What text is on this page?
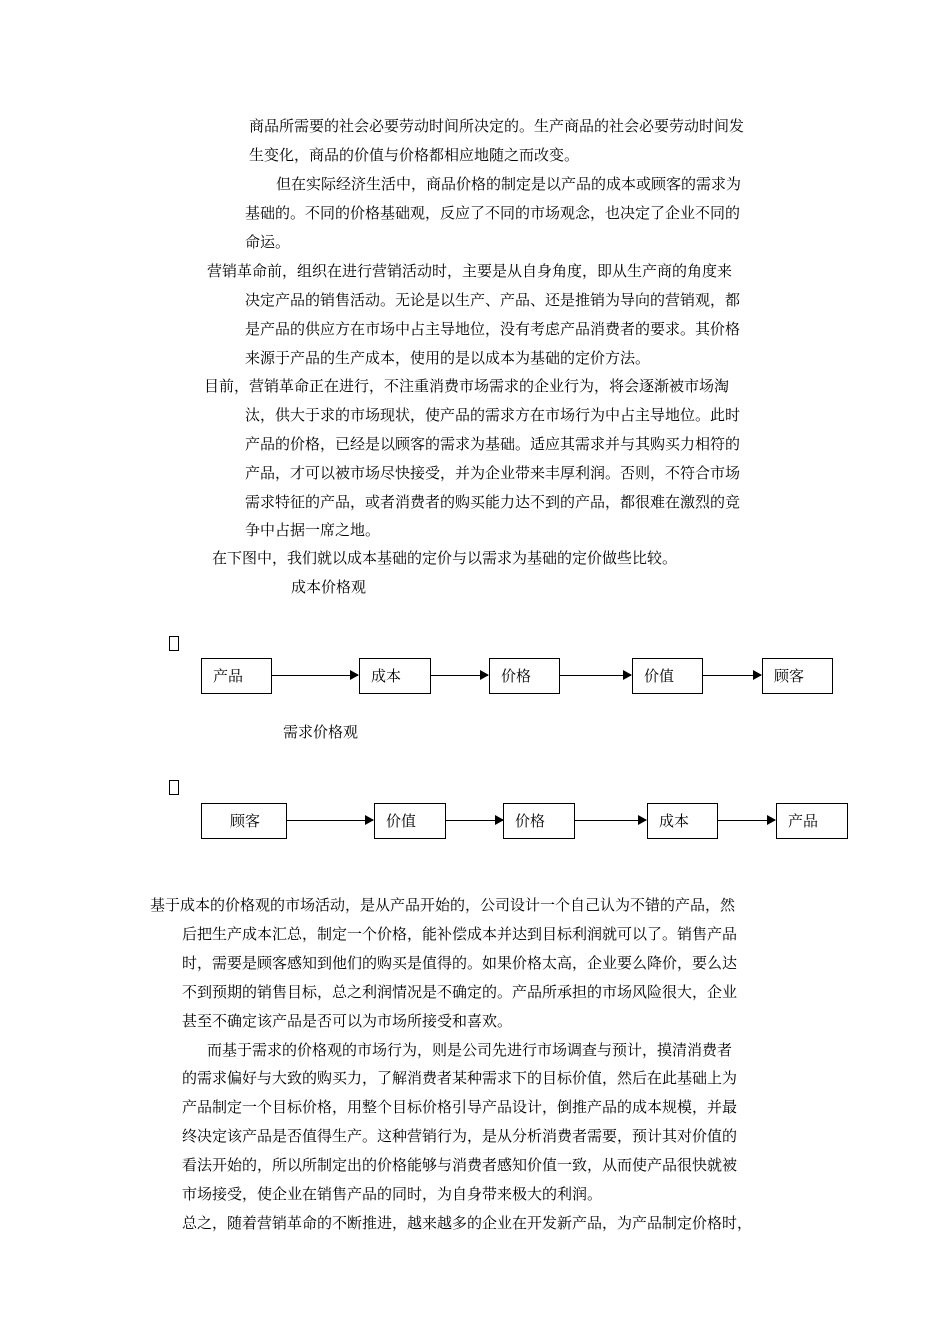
商品所需要的社会必要劳动时间所决定的。生产商品的社会必要劳动时间发
生变化，商品的价值与价格都相应地随之而改变。
但在实际经济生活中，商品价格的制定是以产品的成本或顾客的需求为
基础的。不同的价格基础观，反应了不同的市场观念，也决定了企业不同的
命运。
营销革命前，组织在进行营销活动时，主要是从自身角度，即从生产商的角度来
决定产品的销售活动。无论是以生产、产品、还是推销为导向的营销观，都
是产品的供应方在市场中占主导地位，没有考虑产品消费者的要求。其价格
来源于产品的生产成本，使用的是以成本为基础的定价方法。
目前，营销革命正在进行，不注重消费市场需求的企业行为，将会逐渐被市场淘
汰，供大于求的市场现状，使产品的需求方在市场行为中占主导地位。此时
产品的价格，已经是以顾客的需求为基础。适应其需求并与其购买力相符的
产品，才可以被市场尽快接受，并为企业带来丰厚利润。否则，不符合市场
需求特征的产品，或者消费者的购买能力达不到的产品，都很难在激烈的竞
争中占据一席之地。
在下图中，我们就以成本基础的定价与以需求为基础的定价做些比较。
成本价格观
产品	成本	价格	价值	顾客
需求价格观
顾客	价值	价格	成本	产品
基于成本的价格观的市场活动，是从产品开始的，公司设计一个自己认为不错的产品，然
后把生产成本汇总，制定一个价格，能补偿成本并达到目标利润就可以了。销售产品
时，需要是顾客感知到他们的购买是值得的。如果价格太高，企业要么降价，要么达
不到预期的销售目标，总之利润情况是不确定的。产品所承担的市场风险很大，企业
甚至不确定该产品是否可以为市场所接受和喜欢。
而基于需求的价格观的市场行为，则是公司先进行市场调查与预计，摸清消费者
的需求偏好与大致的购买力，了解消费者某种需求下的目标价值，然后在此基础上为
产品制定一个目标价格，用整个目标价格引导产品设计，倒推产品的成本规模，并最
终决定该产品是否值得生产。这种营销行为，是从分析消费者需要，预计其对价值的
看法开始的，所以所制定出的价格能够与消费者感知价值一致，从而使产品很快就被
市场接受，使企业在销售产品的同时，为自身带来极大的利润。
总之，随着营销革命的不断推进，越来越多的企业在开发新产品，为产品制定价格时，
